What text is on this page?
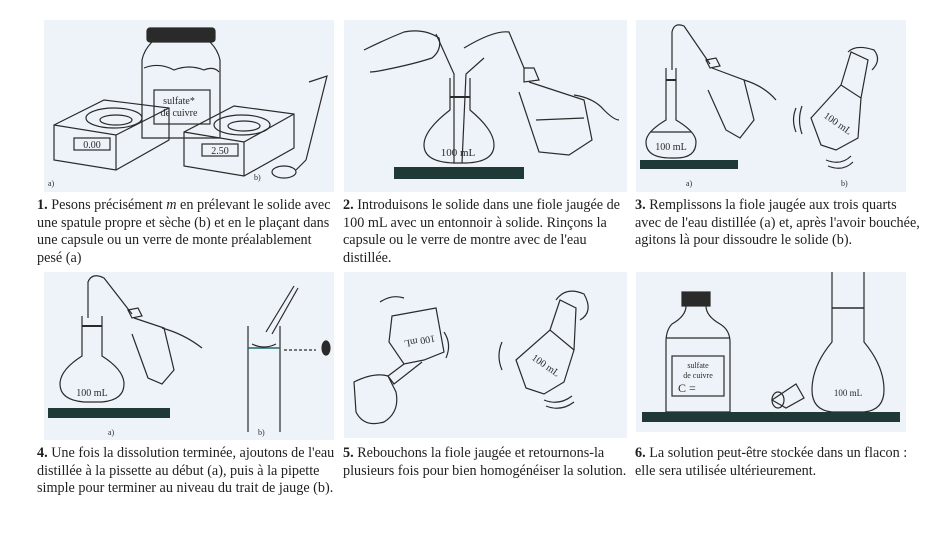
sulfate*
de cuivre
0.00
2.50
a)
b)
1. Pesons précisément m en prélevant le solide avec une spatule propre et sèche (b) et en le plaçant dans une capsule ou un verre de monte préalablement pesé (a)
100 mL
2. Introduisons le solide dans une fiole jaugée de 100 mL avec un entonnoir à solide. Rinçons la capsule ou le verre de montre avec de l'eau distillée.
100 mL
100 mL
a)	b)
3. Remplissons la fiole jaugée aux trois quarts avec de l'eau distillée (a) et, après l'avoir bouchée, agitons là pour dissoudre le solide (b).
100 mL
a)	b)
4. Une fois la dissolution terminée, ajoutons de l'eau distillée à la pissette au début (a), puis à la pipette simple pour terminer au niveau du trait de jauge (b).
100 mL
100 mL
5. Rebouchons la fiole jaugée et retournons-la plusieurs fois pour bien homogénéiser la solution.
sulfate
de cuivre
C =	100 mL
6. La solution peut-être stockée dans un flacon : elle sera utilisée ultérieurement.
